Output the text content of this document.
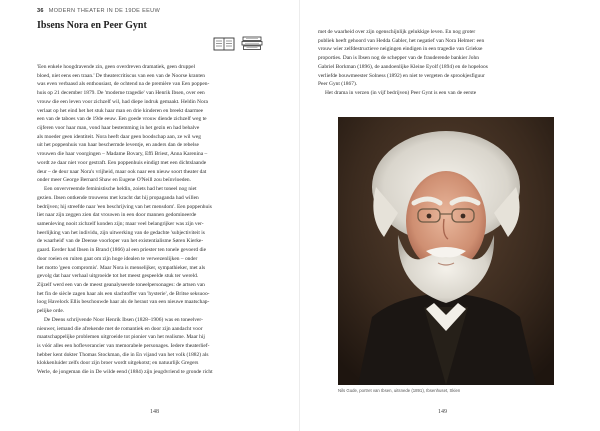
36 MODERN THEATER IN DE 19DE EEUW
Ibsens Nora en Peer Gynt
'Een enkele hoogdravende zin, geen overdreven dramatiek, geen druppel
bloed, niet eens een traan.' De theatercritiscus van een van de Noorse kranten
was even verbaasd als enthousiast, de ochtend na de première van Een poppen-
huis op 21 december 1879. De 'moderne tragedie' van Henrik Ibsen, over een
vrouw die een leven voor zichzelf wil, had diepe indruk gemaakt. Heldin Nora
verlaat op het eind het het stuk haar man en drie kinderen en breekt daarmee
een van de taboes van de 19de eeuw. Een goede vrouw diende zichzelf weg te
cijferen voor haar man, vond haar bestemming in het gezin en had behalve
als moeder geen identiteit. Nora heeft daar geen boodschap aan, ze wil weg
uit het poppenhuis van haar beschermde leventje, en anders dan de rebelse
vrouwen die haar voorgingen – Madame Bovary, Effi Briest, Anna Karenina –
wordt ze daar niet voor gestraft. Een poppenhuis eindigt met een dichtslaande
deur – de deur naar Nora's vrijheid, maar ook naar een nieuw soort theater dat
onder meer George Bernard Shaw en Eugene O'Neill zou beïnvloeden.
Een onvervreemde feministische heldin, zoiets had het toneel nog niet
gezien. Ibsen ontkende trouwens met kracht dat hij propaganda had willen
bedrijven; hij streefde naar 'een beschrijving van het mensdom'. Een poppenhuis
liet naar zijn zeggen zien dat vrouwen in een door mannen gedomineerde
samenleving nooit zichzelf konden zijn; maar veel belangrijker was zijn ver-
heerlijking van het individu, zijn uitwerking van de gedachte 'subjectiviteit is
de waarheid' van de Deense voorloper van het existentialisme Søren Kierke-
gaard. Eerder had Ibsen in Brand (1866) al een priester ten tonele gevoerd die
door roeien en ruiten gaat om zijn hoge idealen te verwezenlijken – onder
het motto 'geen compromis'. Maar Nora is menselijker, sympathieker, met als
gevolg dat haar verhaal uitgroeide tot het meest gespeelde stuk ter wereld.
Zijzelf werd een van de meest geanalyseerde toneelpersonages: de artsen van
het fin de siècle zagen haar als een slachtoffer van 'hysterie', de Britse seksuoo-
loog Havelock Ellis beschouwde haar als de heraut van een nieuwe maatschap-
pelijke orde.
De Deens schrijvende Noor Henrik Ibsen (1828–1906) was en toneelver-
nieuwer, iemand die afrekende met de romantiek en door zijn aandacht voor
maatschappelijke problemen uitgroeide tot pionier van het realisme. Maar hij
is vóór alles een hofleverancier van memorabele personages. Iedere theaterlief-
hebber kent dokter Thomas Stockman, die in En vijand van het volk (1882) als
klokkenluider zelfs door zijn broer wordt uitgekotst; en natuurlijk Gregers
Werle, de jongeman die in De wilde eend (1884) zijn jeugdvriend te gronde richt
148
met de waarheid over zijn ogenschijnlijk gelukkige leven. En nog groter
publiek heeft gehoord van Hedda Gabler, het negatief van Nora Helmer: een
vrouw wier zelfdestructieve neigingen eindigen in een tragedie van Griekse
proporties. Dan is Ibsen nog de schepper van de frauderende bankier John
Gabriel Borkman (1896), de aandoenlijke Kleine Eyolf (1894) en de hopeloos
verliefde bouwmeester Solness (1892) en niet te vergeten de sprookjesfiguur
Peer Gynt (1867).
Het drama in verzen (in vijf bedrijven) Peer Gynt is een van de eerste
Nils Gude, portret van Ibsen, uitsnede (1891), Ibsenhuset, Skien
149
